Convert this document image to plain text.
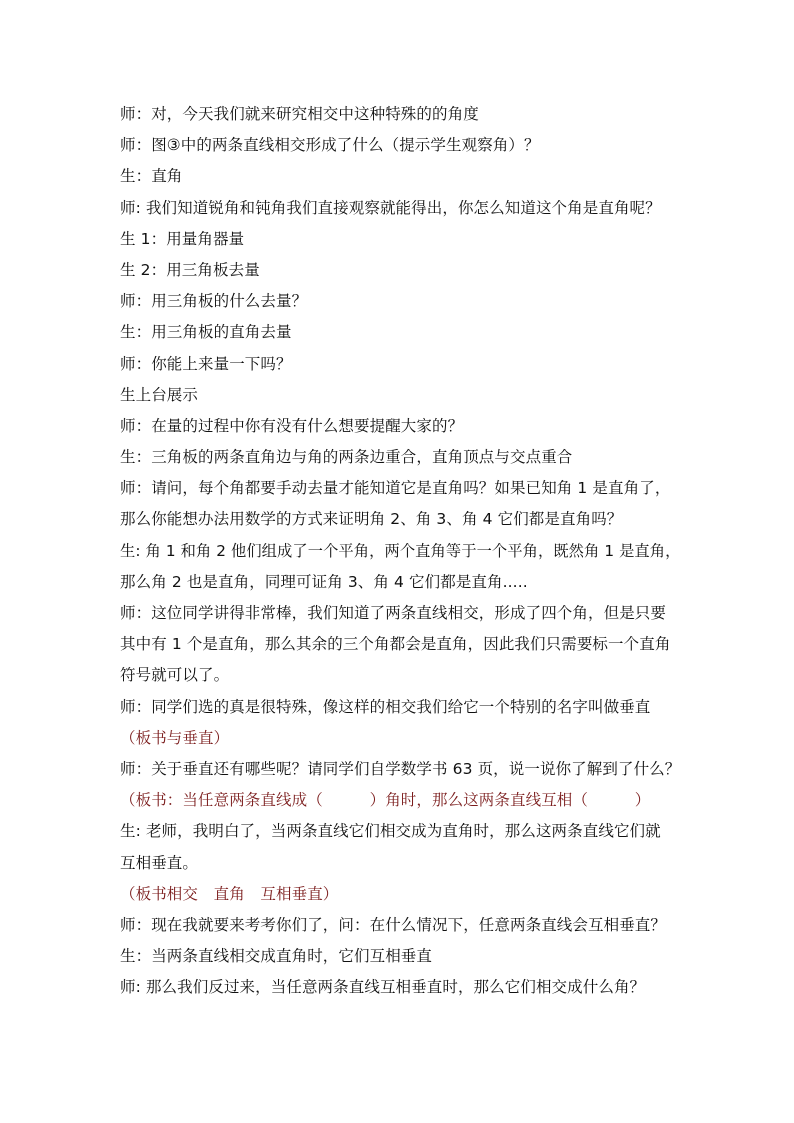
师：对，今天我们就来研究相交中这种特殊的的角度
师：图③中的两条直线相交形成了什么（提示学生观察角）？
生：直角
师: 我们知道锐角和钝角我们直接观察就能得出，你怎么知道这个角是直角呢？
生 1：用量角器量
生 2：用三角板去量
师：用三角板的什么去量？
生：用三角板的直角去量
师：你能上来量一下吗？
生上台展示
师：在量的过程中你有没有什么想要提醒大家的？
生：三角板的两条直角边与角的两条边重合，直角顶点与交点重合
师：请问，每个角都要手动去量才能知道它是直角吗？如果已知角 1 是直角了，
那么你能想办法用数学的方式来证明角 2、角 3、角 4 它们都是直角吗？
生: 角 1 和角 2 他们组成了一个平角，两个直角等于一个平角，既然角 1 是直角，
那么角 2 也是直角，同理可证角 3、角 4 它们都是直角.....
师：这位同学讲得非常棒，我们知道了两条直线相交，形成了四个角，但是只要
其中有 1 个是直角，那么其余的三个角都会是直角，因此我们只需要标一个直角
符号就可以了。
师：同学们选的真是很特殊，像这样的相交我们给它一个特别的名字叫做垂直
（板书与垂直）
师：关于垂直还有哪些呢？请同学们自学数学书 63 页，说一说你了解到了什么？
（板书：当任意两条直线成（　　　）角时，那么这两条直线互相（　　　）
生: 老师，我明白了，当两条直线它们相交成为直角时，那么这两条直线它们就
互相垂直。
（板书相交　直角　互相垂直）
师：现在我就要来考考你们了，问：在什么情况下，任意两条直线会互相垂直？
生：当两条直线相交成直角时，它们互相垂直
师: 那么我们反过来，当任意两条直线互相垂直时，那么它们相交成什么角？
